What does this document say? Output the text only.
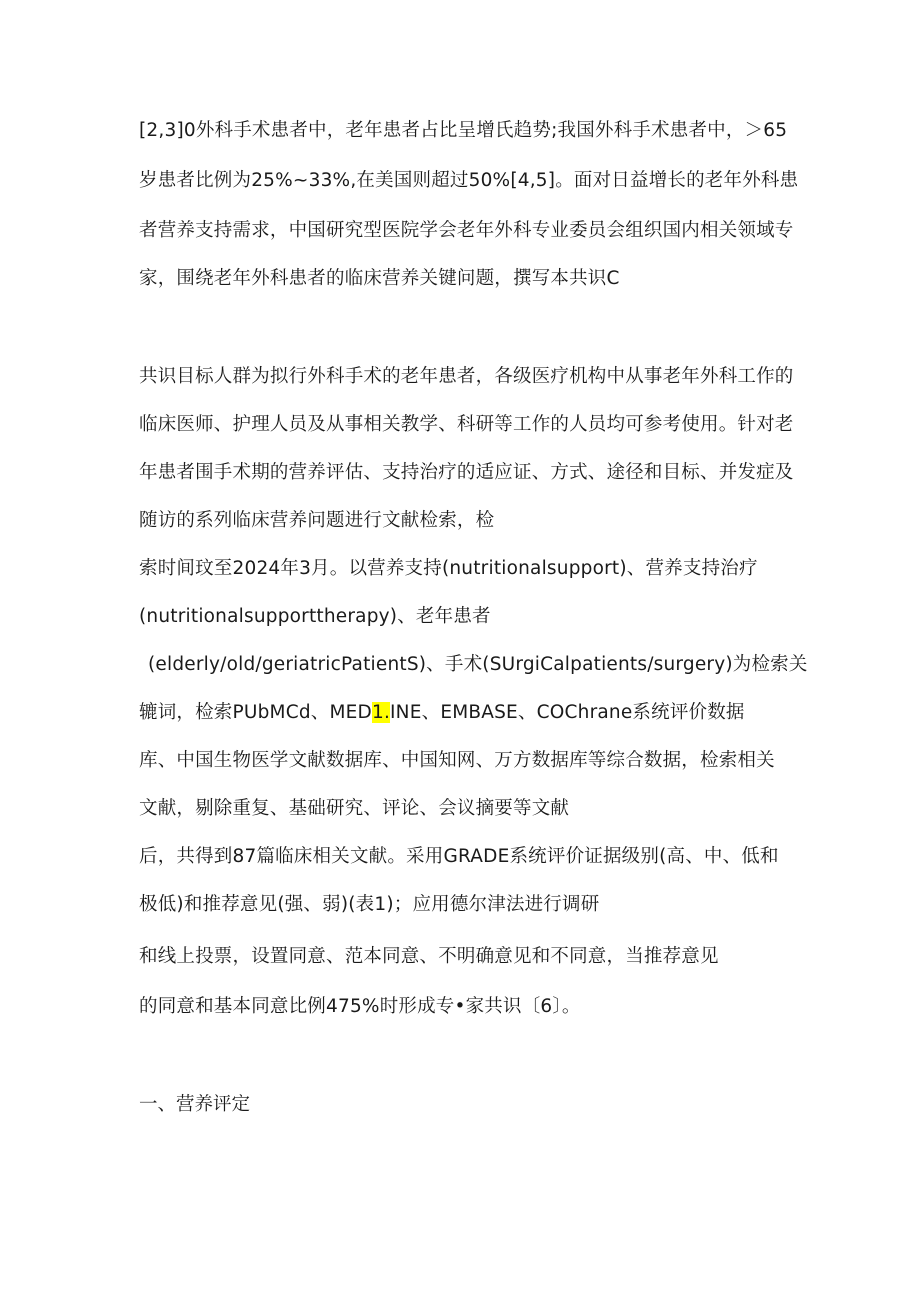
[2,3]0外科手术患者中，老年患者占比呈增氏趋势;我国外科手术患者中，＞65
岁患者比例为25%~33%,在美国则超过50%[4,5]。面对日益增长的老年外科患
者营养支持需求，中国研究型医院学会老年外科专业委员会组织国内相关领域专
家，围绕老年外科患者的临床营养关键问题，撰写本共识C
共识目标人群为拟行外科手术的老年患者，各级医疗机构中从事老年外科工作的
临床医师、护理人员及从事相关教学、科研等工作的人员均可参考使用。针对老
年患者围手术期的营养评估、支持治疗的适应证、方式、途径和目标、并发症及
随访的系列临床营养问题进行文献检索，检
索时间玟至2024年3月。以营养支持(nutritionalsupport)、营养支持治疗
(nutritionalsupporttherapy)、老年患者
(elderly/old/geriatricPatientS)、手术(SUrgiCalpatients/surgery)为检索关
辘词，检索PUbMCd、MED1.INE、EMBASE、COChrane系统评价数据
库、中国生物医学文献数据库、中国知网、万方数据库等综合数据，检索相关
文献，剔除重复、基础研究、评论、会议摘要等文献
后，共得到87篇临床相关文献。采用GRADE系统评价证据级别(高、中、低和
极低)和推荐意见(强、弱)(表1)；应用德尔津法进行调研
和线上投票，设置同意、范本同意、不明确意见和不同意，当推荐意见
的同意和基本同意比例475%时形成专•家共识〔6〕。
一、营养评定
